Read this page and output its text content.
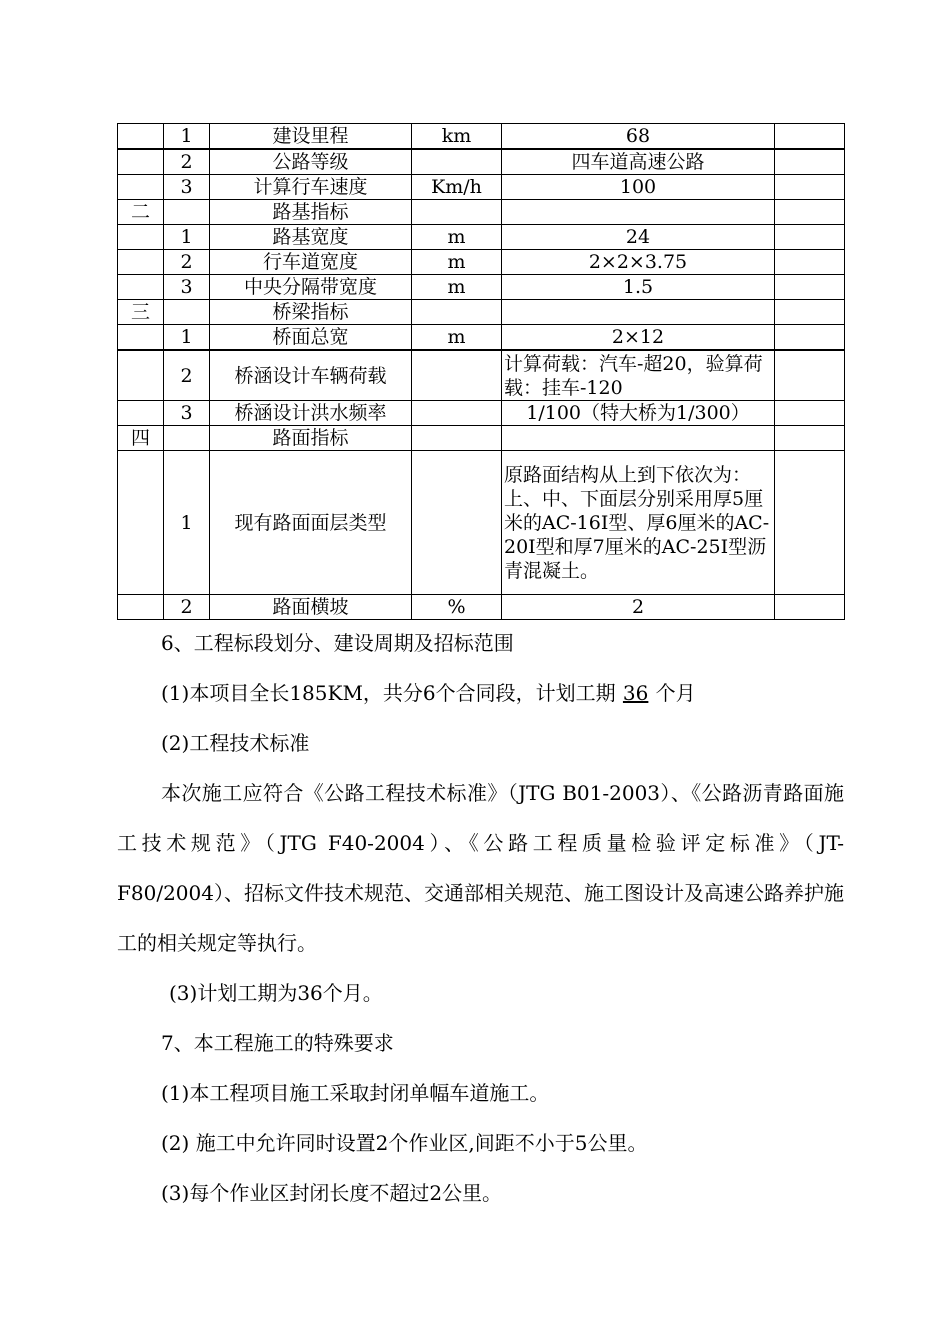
	1	建设里程	km	68	
	2	公路等级		四车道高速公路	
	3	计算行车速度	Km/h	100	
二		路基指标			
	1	路基宽度	m	24	
	2	行车道宽度	m	2×2×3.75	
	3	中央分隔带宽度	m	1.5	
三		桥梁指标			
	1	桥面总宽	m	2×12	
	2	桥涵设计车辆荷载		计算荷载：汽车-超20，验算荷载：挂车-120	
	3	桥涵设计洪水频率		1/100（特大桥为1/300）	
四		路面指标			
	1	现有路面面层类型		原路面结构从上到下依次为：上、中、下面层分别采用厚5厘米的AC-16I型、厚6厘米的AC-20I型和厚7厘米的AC-25I型沥青混凝土。	
	2	路面横坡	%	2	

6、工程标段划分、建设周期及招标范围

(1)本项目全长185KM，共分6个合同段，计划工期 36 个月

(2)工程技术标准

本次施工应符合《公路工程技术标准》（JTG B01-2003）、《公路沥青路面施工技术规范》（JTG F40-2004）、《公路工程质量检验评定标准》（JT-F80/2004）、招标文件技术规范、交通部相关规范、施工图设计及高速公路养护施工的相关规定等执行。

(3)计划工期为36个月。

7、本工程施工的特殊要求

(1)本工程项目施工采取封闭单幅车道施工。

(2) 施工中允许同时设置2个作业区,间距不小于5公里。

(3)每个作业区封闭长度不超过2公里。
